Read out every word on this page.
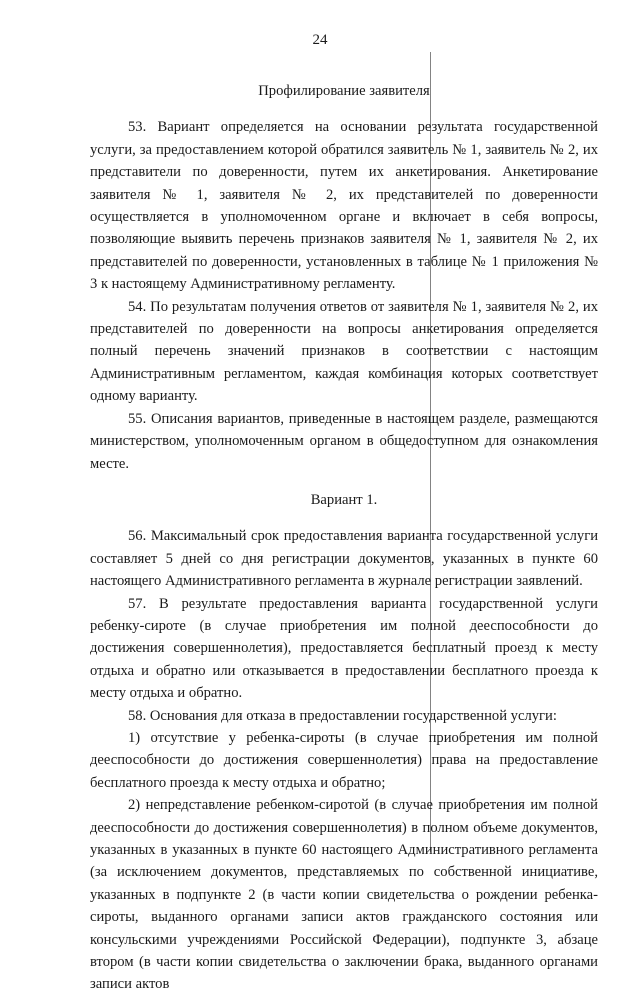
24

Профилирование заявителя

53. Вариант определяется на основании результата государственной услуги, за предоставлением которой обратился заявитель № 1, заявитель № 2, их представители по доверенности, путем их анкетирования. Анкетирование заявителя № 1, заявителя № 2, их представителей по доверенности осуществляется в уполномоченном органе и включает в себя вопросы, позволяющие выявить перечень признаков заявителя № 1, заявителя № 2, их представителей по доверенности, установленных в таблице № 1 приложения № 3 к настоящему Административному регламенту.

54. По результатам получения ответов от заявителя № 1, заявителя № 2, их представителей по доверенности на вопросы анкетирования определяется полный перечень значений признаков в соответствии с настоящим Административным регламентом, каждая комбинация которых соответствует одному варианту.

55. Описания вариантов, приведенные в настоящем разделе, размещаются министерством, уполномоченным органом в общедоступном для ознакомления месте.

Вариант 1.

56. Максимальный срок предоставления варианта государственной услуги составляет 5 дней со дня регистрации документов, указанных в пункте 60 настоящего Административного регламента в журнале регистрации заявлений.

57. В результате предоставления варианта государственной услуги ребенку-сироте (в случае приобретения им полной дееспособности до достижения совершеннолетия), предоставляется бесплатный проезд к месту отдыха и обратно или отказывается в предоставлении бесплатного проезда к месту отдыха и обратно.

58. Основания для отказа в предоставлении государственной услуги:

1) отсутствие у ребенка-сироты (в случае приобретения им полной дееспособности до достижения совершеннолетия) права на предоставление бесплатного проезда к месту отдыха и обратно;

2) непредставление ребенком-сиротой (в случае приобретения им полной дееспособности до достижения совершеннолетия) в полном объеме документов, указанных в указанных в пункте 60 настоящего Административного регламента (за исключением документов, представляемых по собственной инициативе, указанных в подпункте 2 (в части копии свидетельства о рождении ребенка-сироты, выданного органами записи актов гражданского состояния или консульскими учреждениями Российской Федерации), подпункте 3, абзаце втором (в части копии свидетельства о заключении брака, выданного органами записи актов
